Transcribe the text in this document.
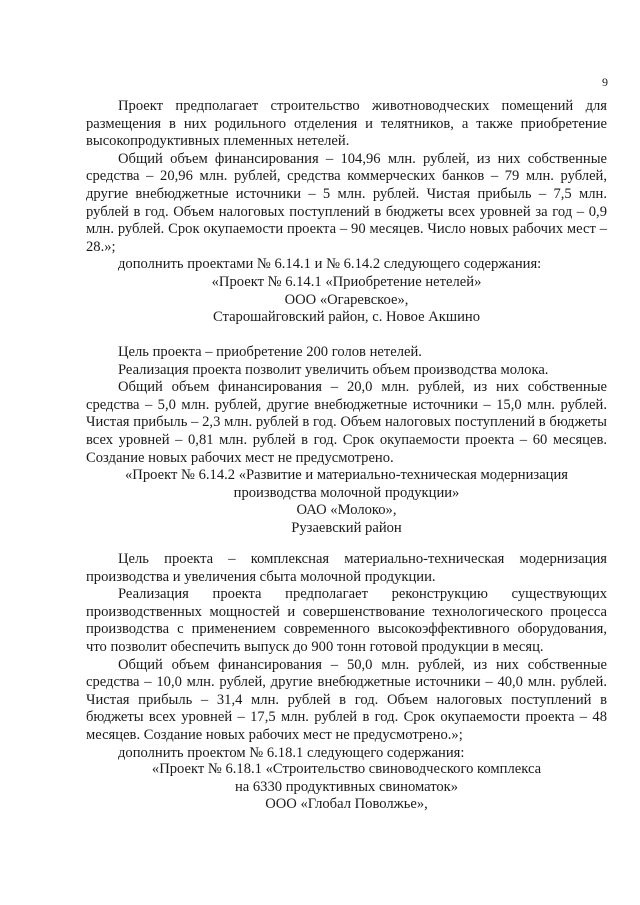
9

Проект предполагает строительство животноводческих помещений для размещения в них родильного отделения и телятников, а также приобретение высокопродуктивных племенных нетелей.

Общий объем финансирования – 104,96 млн. рублей, из них собственные средства – 20,96 млн. рублей, средства коммерческих банков – 79 млн. рублей, другие внебюджетные источники – 5 млн. рублей. Чистая прибыль – 7,5 млн. рублей в год. Объем налоговых поступлений в бюджеты всех уровней за год – 0,9 млн. рублей. Срок окупаемости проекта – 90 месяцев. Число новых рабочих мест – 28.»;

дополнить проектами № 6.14.1 и № 6.14.2 следующего содержания:

«Проект № 6.14.1 «Приобретение нетелей»
ООО «Огаревское»,
Старошайговский район, с. Новое Акшино

Цель проекта – приобретение 200 голов нетелей.

Реализация проекта позволит увеличить объем производства молока.

Общий объем финансирования – 20,0 млн. рублей, из них собственные средства – 5,0 млн. рублей, другие внебюджетные источники – 15,0 млн. рублей. Чистая прибыль – 2,3 млн. рублей в год. Объем налоговых поступлений в бюджеты всех уровней – 0,81 млн. рублей в год. Срок окупаемости проекта – 60 месяцев. Создание новых рабочих мест не предусмотрено.

«Проект № 6.14.2 «Развитие и материально-техническая модернизация
производства молочной продукции»
ОАО «Молоко»,
Рузаевский район

Цель проекта – комплексная материально-техническая модернизация производства и увеличения сбыта молочной продукции.

Реализация проекта предполагает реконструкцию существующих производственных мощностей и совершенствование технологического процесса производства с применением современного высокоэффективного оборудования, что позволит обеспечить выпуск до 900 тонн готовой продукции в месяц.

Общий объем финансирования – 50,0 млн. рублей, из них собственные средства – 10,0 млн. рублей, другие внебюджетные источники – 40,0 млн. рублей. Чистая прибыль – 31,4 млн. рублей в год. Объем налоговых поступлений в бюджеты всех уровней – 17,5 млн. рублей в год. Срок окупаемости проекта – 48 месяцев. Создание новых рабочих мест не предусмотрено.»;

дополнить проектом № 6.18.1 следующего содержания:

«Проект № 6.18.1 «Строительство свиноводческого комплекса
на 6330 продуктивных свиноматок»
ООО «Глобал Поволжье»,
